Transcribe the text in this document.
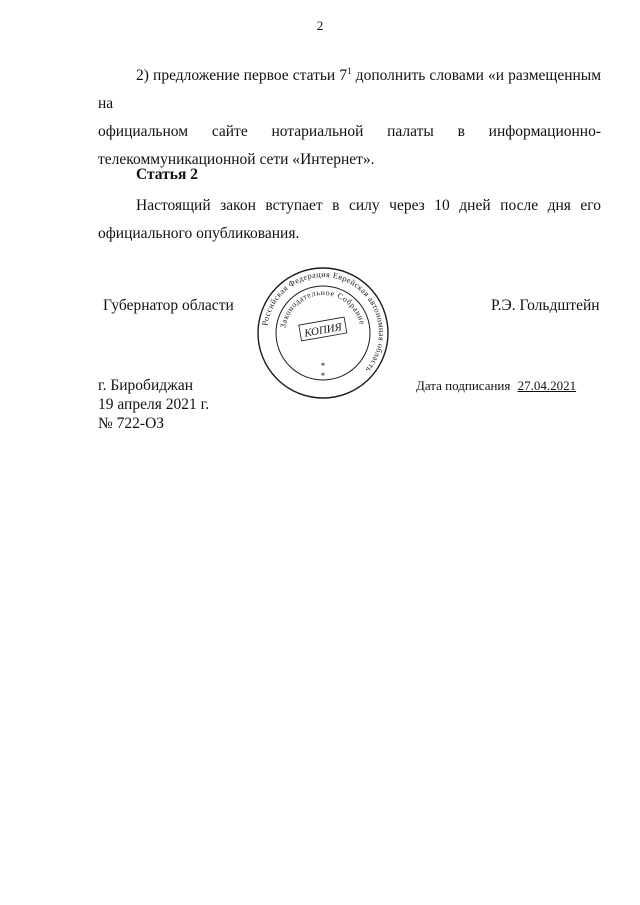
2

2) предложение первое статьи $7^1$ дополнить словами «и размещенным на
официальном сайте нотариальной палаты в информационно-
телекоммуникационной сети «Интернет».

Статья 2

Настоящий закон вступает в силу через 10 дней после дня его
официального опубликования.

Губернатор области	Р.Э. Гольдштейн
Российская Федерация Еврейская автономная область
Законодательное Собрание
КОПИЯ
*
*
г. Биробиджан
19 апреля 2021 г.
№ 722-ОЗ
Дата подписания 27.04.2021
